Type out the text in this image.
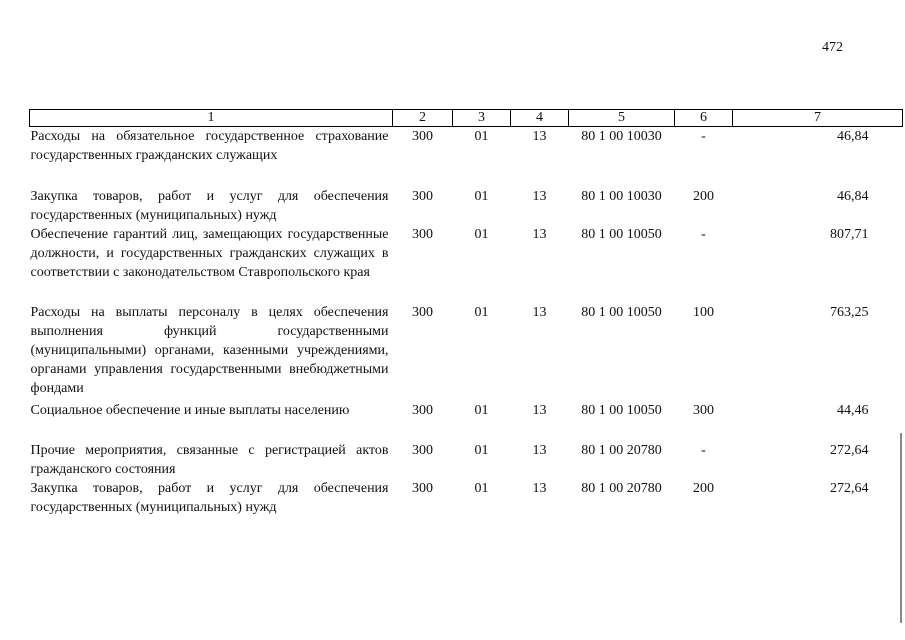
472
1	2	3	4	5	6	7
Расходы на обязательное государственное страхование государственных гражданских служащих	300	01	13	80 1 00 10030	-	46,84
Закупка товаров, работ и услуг для обеспечения государственных (муниципальных) нужд	300	01	13	80 1 00 10030	200	46,84
Обеспечение гарантий лиц, замещающих государственные должности, и государственных гражданских служащих в соответствии с законодательством Ставропольского края	300	01	13	80 1 00 10050	-	807,71
Расходы на выплаты персоналу в целях обеспечения выполнения функций государственными (муниципальными) органами, казенными учреждениями, органами управления государственными внебюджетными фондами	300	01	13	80 1 00 10050	100	763,25
Социальное обеспечение и иные выплаты населению	300	01	13	80 1 00 10050	300	44,46
Прочие мероприятия, связанные с регистрацией актов гражданского состояния	300	01	13	80 1 00 20780	-	272,64
Закупка товаров, работ и услуг для обеспечения государственных (муниципальных) нужд	300	01	13	80 1 00 20780	200	272,64
